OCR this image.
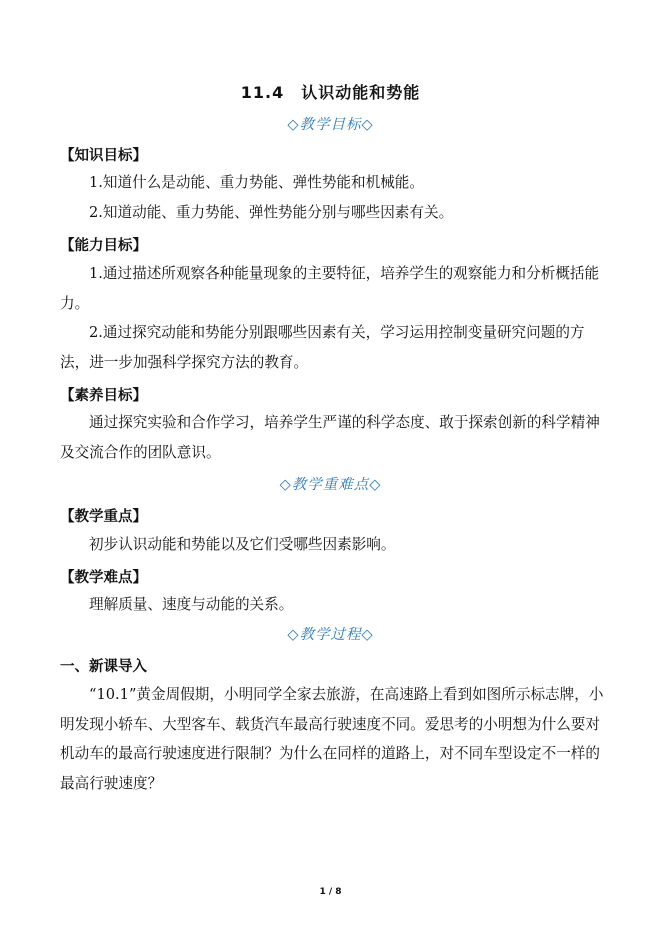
11.4　认识动能和势能
◇教学目标◇
【知识目标】
1.知道什么是动能、重力势能、弹性势能和机械能。
2.知道动能、重力势能、弹性势能分别与哪些因素有关。
【能力目标】
1.通过描述所观察各种能量现象的主要特征，培养学生的观察能力和分析概括能力。
2.通过探究动能和势能分别跟哪些因素有关，学习运用控制变量研究问题的方法，进一步加强科学探究方法的教育。
【素养目标】
通过探究实验和合作学习，培养学生严谨的科学态度、敢于探索创新的科学精神及交流合作的团队意识。
◇教学重难点◇
【教学重点】
初步认识动能和势能以及它们受哪些因素影响。
【教学难点】
理解质量、速度与动能的关系。
◇教学过程◇
一、新课导入
“10.1”黄金周假期，小明同学全家去旅游，在高速路上看到如图所示标志牌，小明发现小轿车、大型客车、载货汽车最高行驶速度不同。爱思考的小明想为什么要对机动车的最高行驶速度进行限制？为什么在同样的道路上，对不同车型设定不一样的最高行驶速度？
1 / 8
